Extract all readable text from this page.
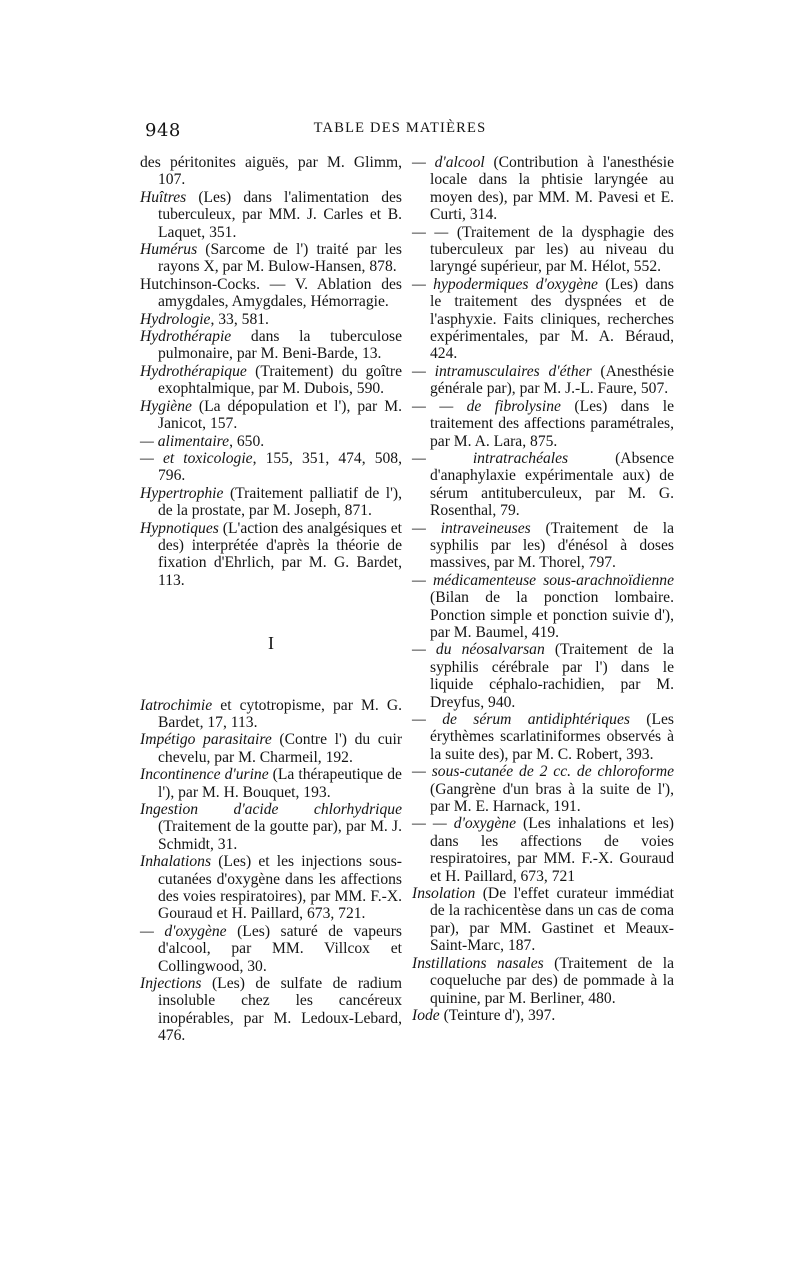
948	TABLE DES MATIÈRES

des péritonites aiguës, par M. Glimm, 107.

Huîtres (Les) dans l'alimentation des tuberculeux, par MM. J. Carles et B. Laquet, 351.

Humérus (Sarcome de l') traité par les rayons X, par M. Bulow-Hansen, 878.

Hutchinson-Cocks. — V. Ablation des amygdales, Amygdales, Hémorragie.

Hydrologie, 33, 581.

Hydrothérapie dans la tuberculose pulmonaire, par M. Beni-Barde, 13.

Hydrothérapique (Traitement) du goître exophtalmique, par M. Dubois, 590.

Hygiène (La dépopulation et l'), par M. Janicot, 157.

— alimentaire, 650.

— et toxicologie, 155, 351, 474, 508, 796.

Hypertrophie (Traitement palliatif de l'), de la prostate, par M. Joseph, 871.

Hypnotiques (L'action des analgésiques et des) interprétée d'après la théorie de fixation d'Ehrlich, par M. G. Bardet, 113.

I

Iatrochimie et cytotropisme, par M. G. Bardet, 17, 113.

Impétigo parasitaire (Contre l') du cuir chevelu, par M. Charmeil, 192.

Incontinence d'urine (La thérapeutique de l'), par M. H. Bouquet, 193.

Ingestion d'acide chlorhydrique (Traitement de la goutte par), par M. J. Schmidt, 31.

Inhalations (Les) et les injections sous-cutanées d'oxygène dans les affections des voies respiratoires), par MM. F.-X. Gouraud et H. Paillard, 673, 721.

— d'oxygène (Les) saturé de vapeurs d'alcool, par MM. Villcox et Collingwood, 30.

Injections (Les) de sulfate de radium insoluble chez les cancéreux inopérables, par M. Ledoux-Lebard, 476.

— d'alcool (Contribution à l'anesthésie locale dans la phtisie laryngée au moyen des), par MM. M. Pavesi et E. Curti, 314.

— — (Traitement de la dysphagie des tuberculeux par les) au niveau du laryngé supérieur, par M. Hélot, 552.

— hypodermiques d'oxygène (Les) dans le traitement des dyspnées et de l'asphyxie. Faits cliniques, recherches expérimentales, par M. A. Béraud, 424.

— intramusculaires d'éther (Anesthésie générale par), par M. J.-L. Faure, 507.

— — de fibrolysine (Les) dans le traitement des affections paramétrales, par M. A. Lara, 875.

— intratrachéales (Absence d'anaphylaxie expérimentale aux) de sérum antituberculeux, par M. G. Rosenthal, 79.

— intraveineuses (Traitement de la syphilis par les) d'énésol à doses massives, par M. Thorel, 797.

— médicamenteuse sous-arachnoïdienne (Bilan de la ponction lombaire. Ponction simple et ponction suivie d'), par M. Baumel, 419.

— du néosalvarsan (Traitement de la syphilis cérébrale par l') dans le liquide céphalo-rachidien, par M. Dreyfus, 940.

— de sérum antidiphtériques (Les érythèmes scarlatiniformes observés à la suite des), par M. C. Robert, 393.

— sous-cutanée de 2 cc. de chloroforme (Gangrène d'un bras à la suite de l'), par M. E. Harnack, 191.

— — d'oxygène (Les inhalations et les) dans les affections de voies respiratoires, par MM. F.-X. Gouraud et H. Paillard, 673, 721

Insolation (De l'effet curateur immédiat de la rachicentèse dans un cas de coma par), par MM. Gastinet et Meaux-Saint-Marc, 187.

Instillations nasales (Traitement de la coqueluche par des) de pommade à la quinine, par M. Berliner, 480.

Iode (Teinture d'), 397.
